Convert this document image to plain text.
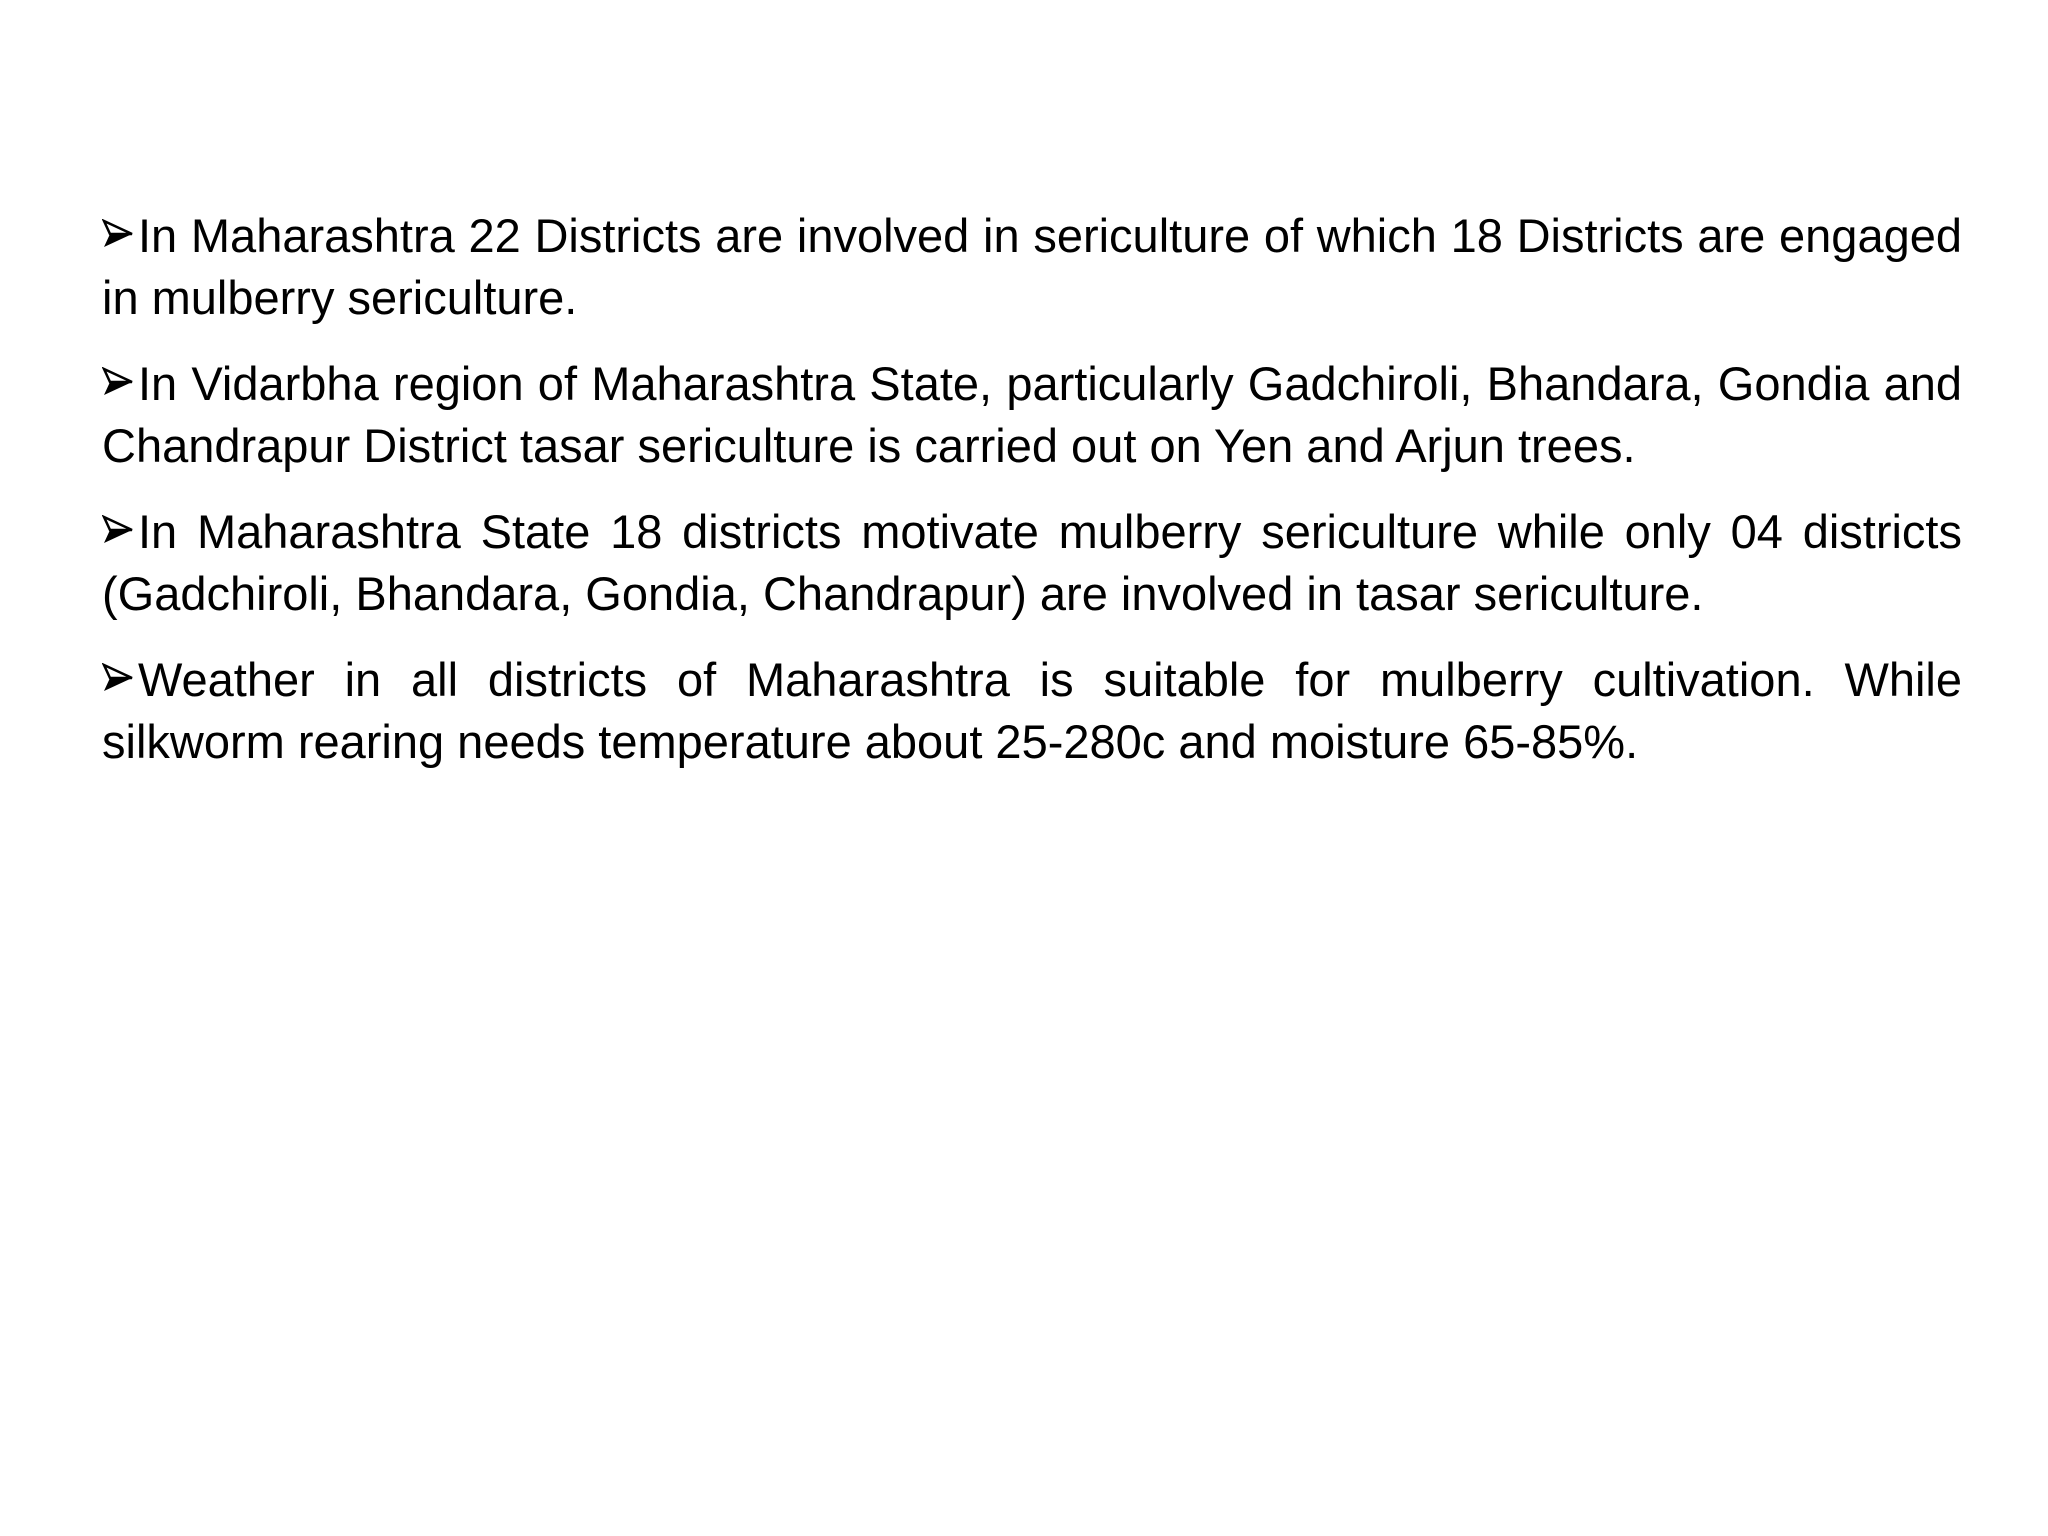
In Maharashtra 22 Districts are involved in sericulture of which 18 Districts are engaged in mulberry sericulture.
In Vidarbha region of Maharashtra State, particularly Gadchiroli, Bhandara, Gondia and Chandrapur District tasar sericulture is carried out on Yen and Arjun trees.
In Maharashtra State 18 districts motivate mulberry sericulture while only 04 districts (Gadchiroli, Bhandara, Gondia, Chandrapur) are involved in tasar sericulture.
Weather in all districts of Maharashtra is suitable for mulberry cultivation. While silkworm rearing needs temperature about 25-280c and moisture 65-85%.
